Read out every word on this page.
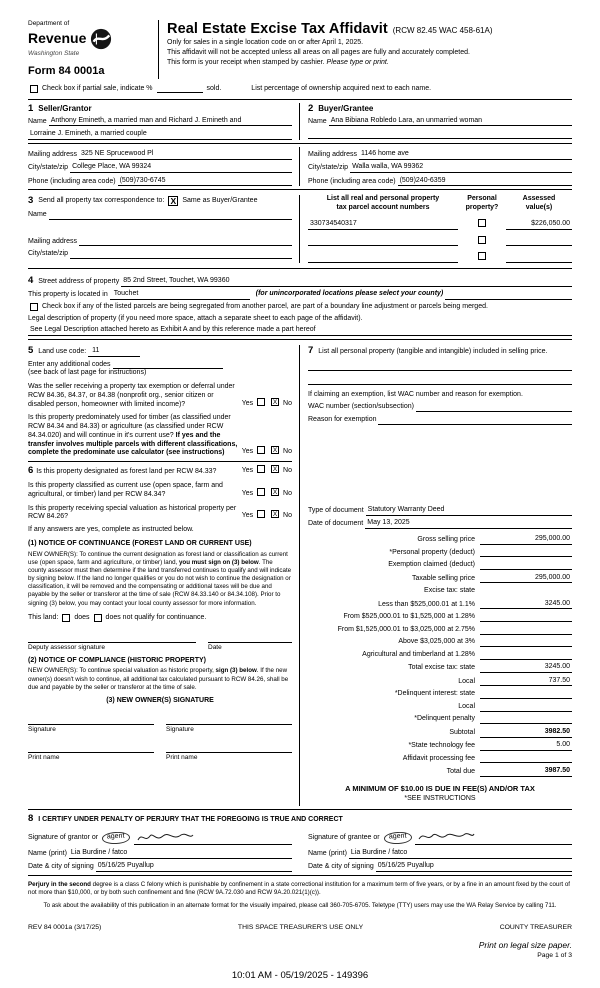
Department of
Revenue
Washington State
Form 84 0001a
Real Estate Excise Tax Affidavit (RCW 82.45 WAC 458-61A)
Only for sales in a single location code on or after April 1, 2025.
This affidavit will not be accepted unless all areas on all pages are fully and accurately completed.
This form is your receipt when stamped by cashier. Please type or print.
Check box if partial sale, indicate %	sold.	List percentage of ownership acquired next to each name.
1 Seller/Grantor
Name Anthony Emineth, a married man and Richard J. Emineth and
Lorraine J. Emineth, a married couple
2 Buyer/Grantee
Name Ana Bibiana Robledo Lara, an unmarried woman
Mailing address 325 NE Sprucewood Pl
City/state/zip College Place, WA 99324
Phone (including area code) (509)730-6745
Mailing address 1146 home ave
City/state/zip Walla walla, WA 99362
Phone (including area code) (509)240-6359
3 Send all property tax correspondence to: X Same as Buyer/Grantee
Name
Mailing address
City/state/zip
List all real and personal property
tax parcel account numbers
Personal
property?
Assessed
value(s)
330734540317	$226,050.00
4 Street address of property 85 2nd Street, Touchet, WA 99360
This property is located in Touchet	(for unincorporated locations please select your county)
Check box if any of the listed parcels are being segregated from another parcel, are part of a boundary line adjustment or parcels being merged.
Legal description of property (if you need more space, attach a separate sheet to each page of the affidavit).
See Legal Description attached hereto as Exhibit A and by this reference made a part hereof
5 Land use code: 11
Enter any additional codes
(see back of last page for instructions)
Was the seller receiving a property tax exemption or deferral under RCW 84.36, 84.37, or 84.38 (nonprofit org., senior citizen or disabled person, homeowner with limited income)?	Yes	X No
Is this property predominately used for timber (as classified under RCW 84.34 and 84.33) or agriculture (as classified under RCW 84.34.020) and will continue in it's current use? If yes and the transfer involves multiple parcels with different classifications, complete the predominate use calculator (see instructions)	Yes	X No
6 Is this property designated as forest land per RCW 84.33?	Yes	X No
Is this property classified as current use (open space, farm and agricultural, or timber) land per RCW 84.34?	Yes	X No
Is this property receiving special valuation as historical property per RCW 84.26?	Yes	X No
If any answers are yes, complete as instructed below.
(1) NOTICE OF CONTINUANCE (FOREST LAND OR CURRENT USE)
NEW OWNER(S): To continue the current designation as forest land or classification as current use (open space, farm and agriculture, or timber) land, you must sign on (3) below. The county assessor must then determine if the land transferred continues to qualify and will indicate by signing below. If the land no longer qualifies or you do not wish to continue the designation or classification, it will be removed and the compensating or additional taxes will be due and payable by the seller or transferor at the time of sale (RCW 84.33.140 or 84.34.108). Prior to signing (3) below, you may contact your local county assessor for more information.
This land: does does not qualify for continuance.
Deputy assessor signature	Date
(2) NOTICE OF COMPLIANCE (HISTORIC PROPERTY)
NEW OWNER(S): To continue special valuation as historic property, sign (3) below. If the new owner(s) doesn't wish to continue, all additional tax calculated pursuant to RCW 84.26, shall be due and payable by the seller or transferor at the time of sale.
(3) NEW OWNER(S) SIGNATURE
Signature	Signature
Print name	Print name
7 List all personal property (tangible and intangible) included in selling price.
If claiming an exemption, list WAC number and reason for exemption.
WAC number (section/subsection)
Reason for exemption
Type of document Statutory Warranty Deed
Date of document May 13, 2025
Gross selling price	295,000.00
*Personal property (deduct)
Exemption claimed (deduct)
Taxable selling price	295,000.00
Excise tax: state
Less than $525,000.01 at 1.1%	3245.00
From $525,000.01 to $1,525,000 at 1.28%
From $1,525,000.01 to $3,025,000 at 2.75%
Above $3,025,000 at 3%
Agricultural and timberland at 1.28%
Total excise tax: state	3245.00
Local	737.50
*Delinquent interest: state
Local
*Delinquent penalty
Subtotal	3982.50
*State technology fee	5.00
Affidavit processing fee
Total due	3987.50
A MINIMUM OF $10.00 IS DUE IN FEE(S) AND/OR TAX
*SEE INSTRUCTIONS
8 I CERTIFY UNDER PENALTY OF PERJURY THAT THE FOREGOING IS TRUE AND CORRECT
Signature of grantor or	agent
Name (print) Lia Burdine / fatco
Date & city of signing 05/16/25 Puyallup
Signature of grantee or	agent
Name (print) Lia Burdine / fatco
Date & city of signing 05/16/25 Puyallup
Perjury in the second degree is a class C felony which is punishable by confinement in a state correctional institution for a maximum term of five years, or by a fine in an amount fixed by the court of not more than $10,000, or by both such confinement and fine (RCW 9A.72.030 and RCW 9A.20.021(1)(c)).
To ask about the availability of this publication in an alternate format for the visually impaired, please call 360-705-6705. Teletype (TTY) users may use the WA Relay Service by calling 711.
REV 84 0001a (3/17/25)	THIS SPACE TREASURER'S USE ONLY	COUNTY TREASURER
Print on legal size paper.
Page 1 of 3
10:01 AM - 05/19/2025 - 149396
